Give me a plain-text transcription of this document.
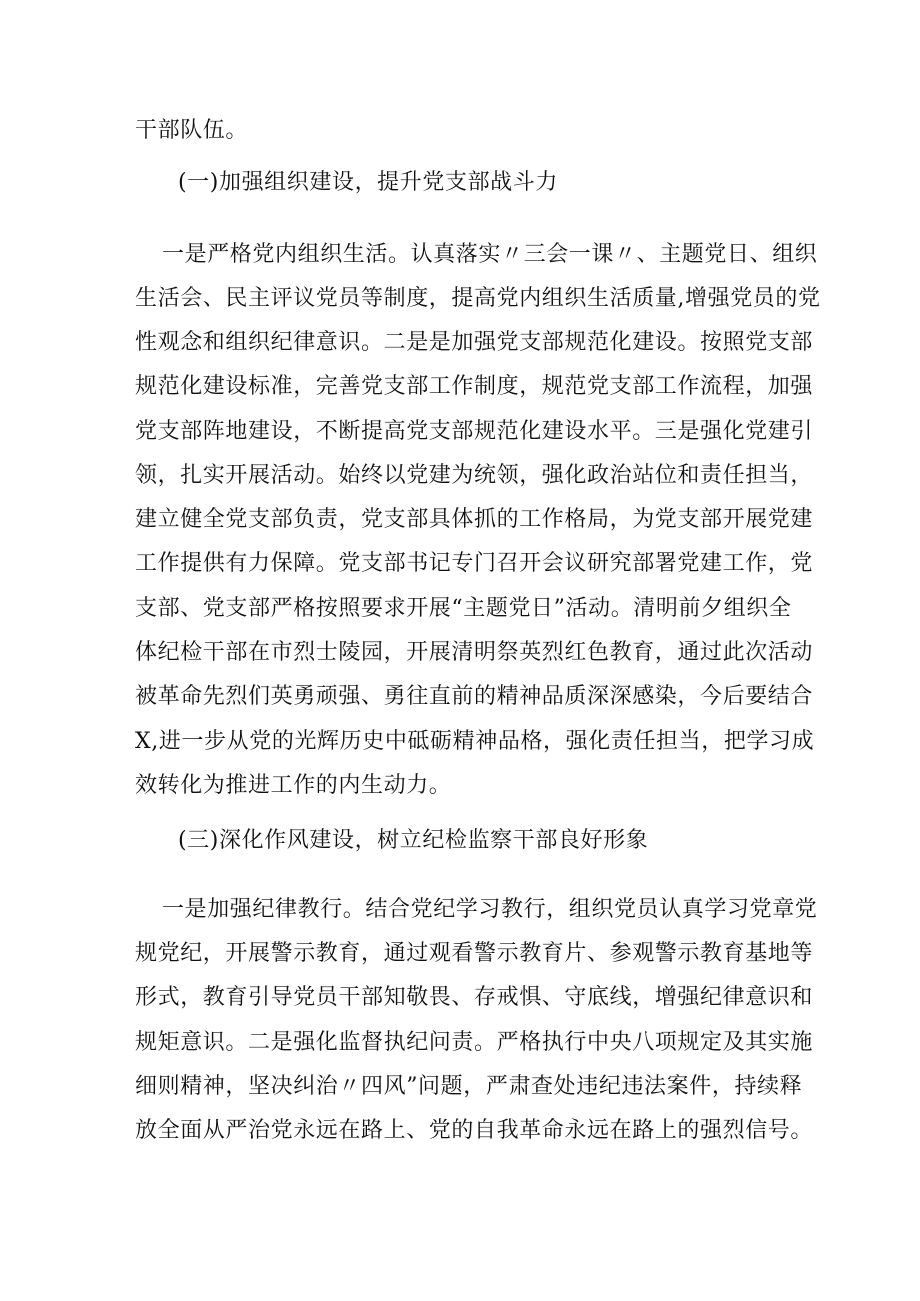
干部队伍。

(一)加强组织建设，提升党支部战斗力

一是严格党内组织生活。认真落实〃三会一课〃、主题党日、组织

生活会、民主评议党员等制度，提高党内组织生活质量,增强党员的党

性观念和组织纪律意识。二是是加强党支部规范化建设。按照党支部

规范化建设标准，完善党支部工作制度，规范党支部工作流程，加强

党支部阵地建设，不断提高党支部规范化建设水平。三是强化党建引

领，扎实开展活动。始终以党建为统领，强化政治站位和责任担当，

建立健全党支部负责，党支部具体抓的工作格局，为党支部开展党建

工作提供有力保障。党支部书记专门召开会议研究部署党建工作，党

支部、党支部严格按照要求开展“主题党日”活动。清明前夕组织全

体纪检干部在市烈士陵园，开展清明祭英烈红色教育，通过此次活动

被革命先烈们英勇顽强、勇往直前的精神品质深深感染，今后要结合

X,进一步从党的光辉历史中砥砺精神品格，强化责任担当，把学习成

效转化为推进工作的内生动力。

(三)深化作风建设，树立纪检监察干部良好形象

一是加强纪律教行。结合党纪学习教行，组织党员认真学习党章党

规党纪，开展警示教育，通过观看警示教育片、参观警示教育基地等

形式，教育引导党员干部知敬畏、存戒惧、守底线，增强纪律意识和

规矩意识。二是强化监督执纪问责。严格执行中央八项规定及其实施

细则精神，坚决纠治〃四风”问题，严肃查处违纪违法案件，持续释

放全面从严治党永远在路上、党的自我革命永远在路上的强烈信号。
